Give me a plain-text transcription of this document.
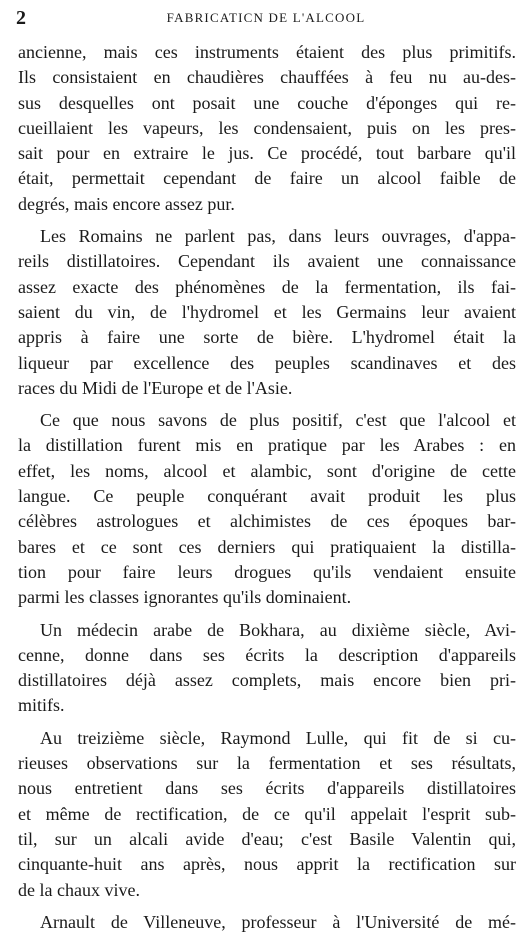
2	FABRICATICN DE L'ALCOOL
ancienne, mais ces instruments étaient des plus primitifs.
Ils consistaient en chaudières chauffées à feu nu au-des-
sus desquelles ont posait une couche d'éponges qui re-
cueillaient les vapeurs, les condensaient, puis on les pres-
sait pour en extraire le jus. Ce procédé, tout barbare qu'il
était, permettait cependant de faire un alcool faible de
degrés, mais encore assez pur.
Les Romains ne parlent pas, dans leurs ouvrages, d'appa-
reils distillatoires. Cependant ils avaient une connaissance
assez exacte des phénomènes de la fermentation, ils fai-
saient du vin, de l'hydromel et les Germains leur avaient
appris à faire une sorte de bière. L'hydromel était la
liqueur par excellence des peuples scandinaves et des
races du Midi de l'Europe et de l'Asie.
Ce que nous savons de plus positif, c'est que l'alcool et
la distillation furent mis en pratique par les Arabes : en
effet, les noms, alcool et alambic, sont d'origine de cette
langue. Ce peuple conquérant avait produit les plus
célèbres astrologues et alchimistes de ces époques bar-
bares et ce sont ces derniers qui pratiquaient la distilla-
tion pour faire leurs drogues qu'ils vendaient ensuite
parmi les classes ignorantes qu'ils dominaient.
Un médecin arabe de Bokhara, au dixième siècle, Avi-
cenne, donne dans ses écrits la description d'appareils
distillatoires déjà assez complets, mais encore bien pri-
mitifs.
Au treizième siècle, Raymond Lulle, qui fit de si cu-
rieuses observations sur la fermentation et ses résultats,
nous entretient dans ses écrits d'appareils distillatoires
et même de rectification, de ce qu'il appelait l'esprit sub-
til, sur un alcali avide d'eau; c'est Basile Valentin qui,
cinquante-huit ans après, nous apprit la rectification sur
de la chaux vive.
Arnault de Villeneuve, professeur à l'Université de mé-
